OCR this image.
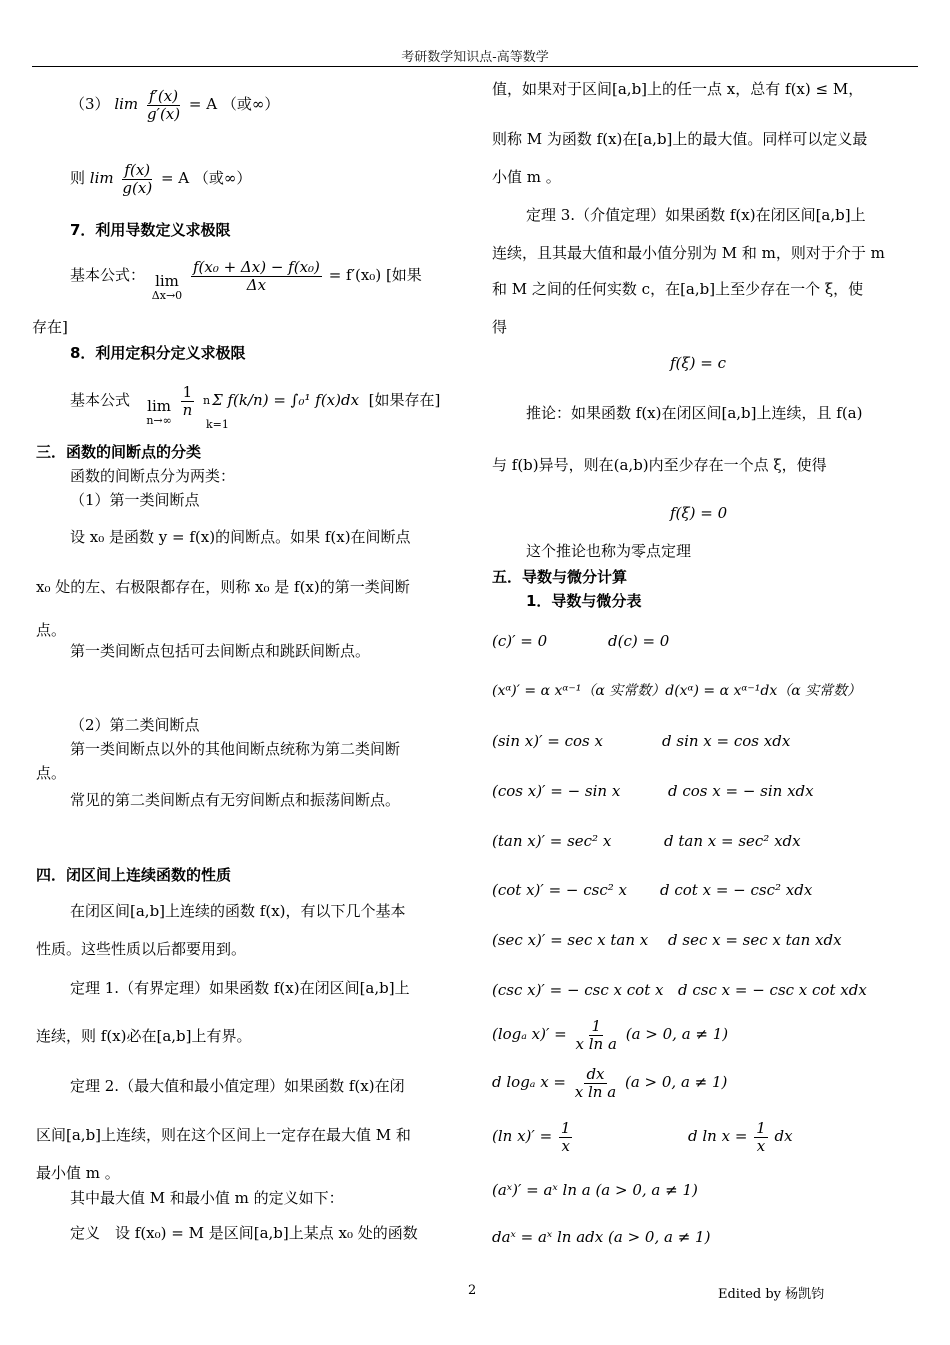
考研数学知识点-高等数学
（3） $\lim \frac{f'(x)}{g'(x)} = A$ （或∞）
则 $\lim \frac{f(x)}{g(x)} = A$ （或∞）
7．利用导数定义求极限
基本公式： lim
Δx→0

$\frac{\text{f(x₀ + Δx) − f(x₀)}}{\Delta x} = f'(x_0)$ [如果
存在]
8．利用定积分定义求极限
基本公式 lim
n→∞

$\frac{1}{n}$
n Σ f(k/n) = ∫₀¹ f(x)dx [如果存在]
k=1
三．函数的间断点的分类
函数的间断点分为两类：
（1）第一类间断点
设 x₀ 是函数 y = f(x)的间断点。如果 f(x)在间断点
x₀ 处的左、右极限都存在，则称 x₀ 是 f(x)的第一类间断
点。
第一类间断点包括可去间断点和跳跃间断点。
（2）第二类间断点
第一类间断点以外的其他间断点统称为第二类间断
点。
常见的第二类间断点有无穷间断点和振荡间断点。
四．闭区间上连续函数的性质
在闭区间[a,b]上连续的函数 f(x)，有以下几个基本
性质。这些性质以后都要用到。
定理 1.（有界定理）如果函数 f(x)在闭区间[a,b]上
连续，则 f(x)必在[a,b]上有界。
定理 2.（最大值和最小值定理）如果函数 f(x)在闭
区间[a,b]上连续，则在这个区间上一定存在最大值 M 和
最小值 m 。
其中最大值 M 和最小值 m 的定义如下：
定义　设 f(x₀) = M 是区间[a,b]上某点 x₀ 处的函数
值，如果对于区间[a,b]上的任一点 x，总有 f(x) ≤ M，
则称 M 为函数 f(x)在[a,b]上的最大值。同样可以定义最
小值 m 。
定理 3.（介值定理）如果函数 f(x)在闭区间[a,b]上
连续，且其最大值和最小值分别为 M 和 m，则对于介于 m
和 M 之间的任何实数 c，在[a,b]上至少存在一个 ξ，使
得
f(ξ) = c
推论：如果函数 f(x)在闭区间[a,b]上连续，且 f(a)
与 f(b)异号，则在(a,b)内至少存在一个点 ξ，使得
f(ξ) = 0
这个推论也称为零点定理
五．导数与微分计算
1．导数与微分表
(c)′ = 0	d(c) = 0
(xᵅ)′ = α xᵅ⁻¹（α 实常数）d(xᵅ) = α xᵅ⁻¹dx（α 实常数）
(sin x)′ = cos x	d sin x = cos xdx
(cos x)′ = − sin x	d cos x = − sin xdx
(tan x)′ = sec² x	d tan x = sec² xdx
(cot x)′ = − csc² x d cot x = − csc² xdx
(sec x)′ = sec x tan x d sec x = sec x tan xdx
(csc x)′ = − csc x cot x d csc x = − csc x cot xdx
(logₐ $x)' = \frac{1}{\text{x ln a}} (a > 0$, a ≠ 1)
d logₐ $x = \frac{dx}{\text{x ln a}} (a > 0$, a ≠ 1)
(ln $x)' = \frac{1}{x}$	d $\ln x = \frac{1}{x}$ dx
(aˣ)′ = aˣ ln a (a > 0, a ≠ 1)
daˣ = aˣ ln adx (a > 0, a ≠ 1)
2	Edited by 杨凯钧
